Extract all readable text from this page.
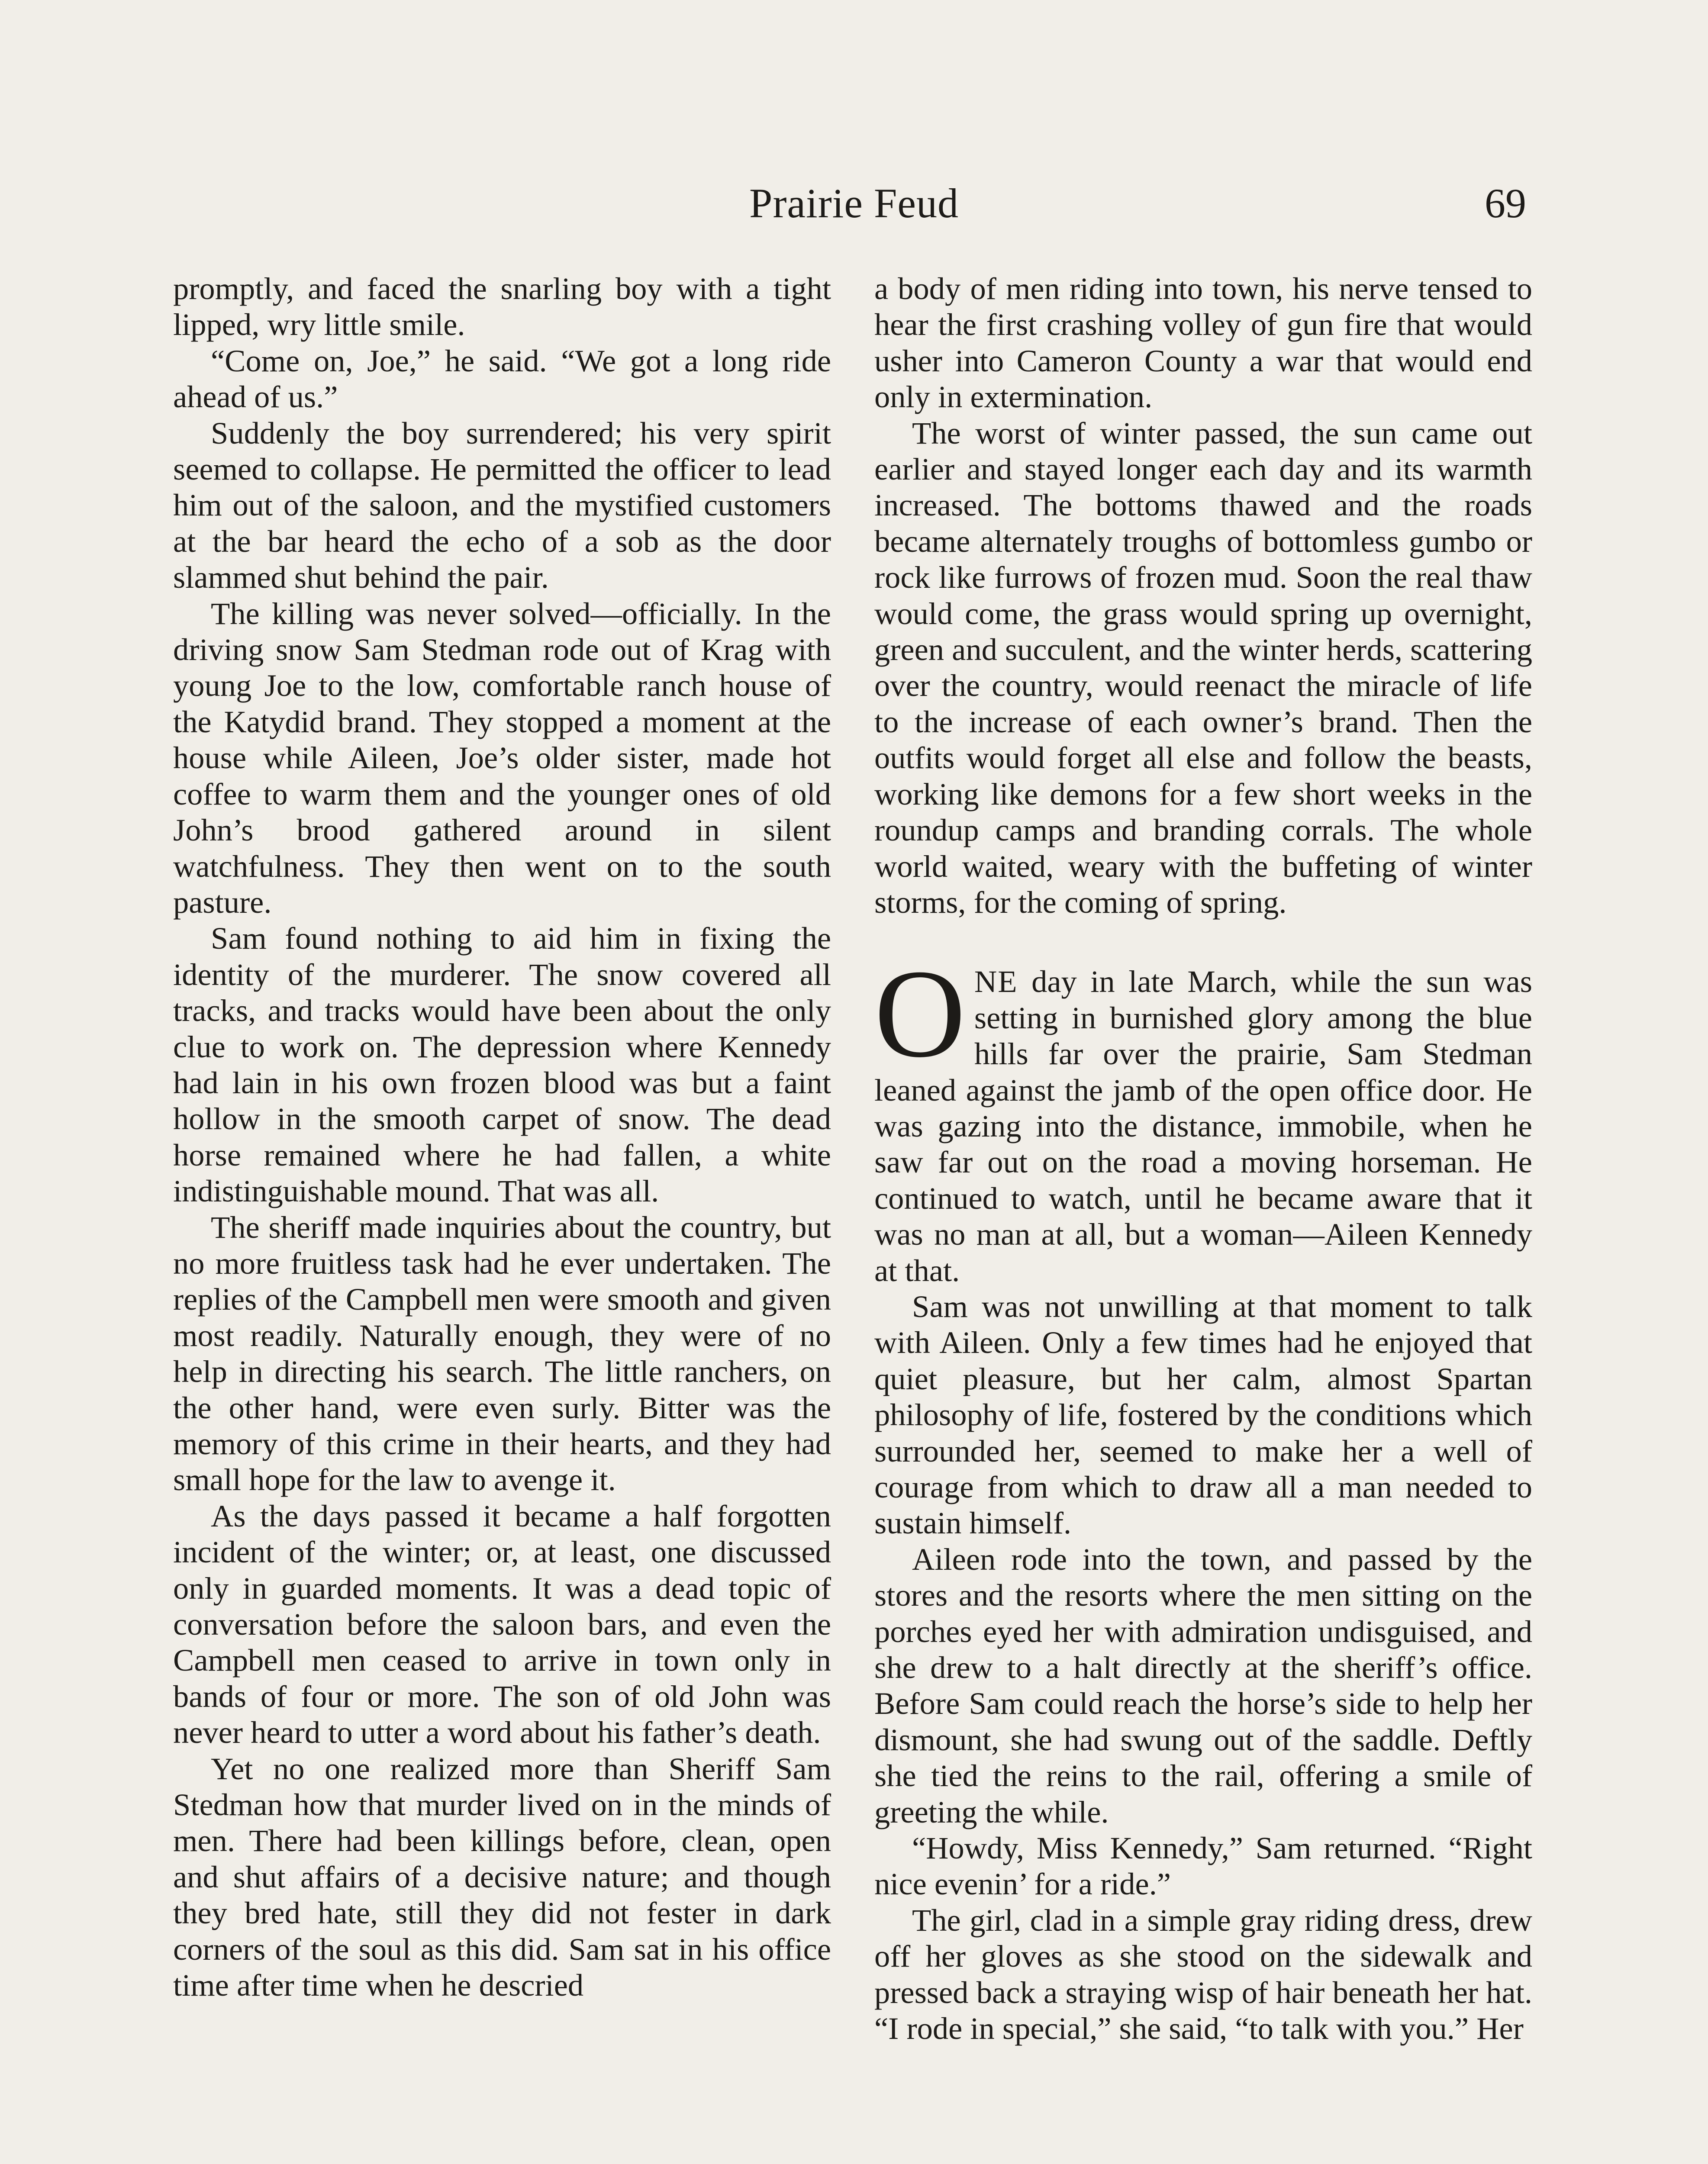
Prairie Feud	69

promptly, and faced the snarling boy with a tight lipped, wry little smile.

“Come on, Joe,” he said. “We got a long ride ahead of us.”

Suddenly the boy surrendered; his very spirit seemed to collapse. He permitted the officer to lead him out of the saloon, and the mystified customers at the bar heard the echo of a sob as the door slammed shut behind the pair.

The killing was never solved—officially. In the driving snow Sam Stedman rode out of Krag with young Joe to the low, comfortable ranch house of the Katydid brand. They stopped a moment at the house while Aileen, Joe’s older sister, made hot coffee to warm them and the younger ones of old John’s brood gathered around in silent watchfulness. They then went on to the south pasture.

Sam found nothing to aid him in fixing the identity of the murderer. The snow covered all tracks, and tracks would have been about the only clue to work on. The depression where Kennedy had lain in his own frozen blood was but a faint hollow in the smooth carpet of snow. The dead horse remained where he had fallen, a white indistinguishable mound. That was all.

The sheriff made inquiries about the country, but no more fruitless task had he ever undertaken. The replies of the Campbell men were smooth and given most readily. Naturally enough, they were of no help in directing his search. The little ranchers, on the other hand, were even surly. Bitter was the memory of this crime in their hearts, and they had small hope for the law to avenge it.

As the days passed it became a half forgotten incident of the winter; or, at least, one discussed only in guarded moments. It was a dead topic of conversation before the saloon bars, and even the Campbell men ceased to arrive in town only in bands of four or more. The son of old John was never heard to utter a word about his father’s death.

Yet no one realized more than Sheriff Sam Stedman how that murder lived on in the minds of men. There had been killings before, clean, open and shut affairs of a decisive nature; and though they bred hate, still they did not fester in dark corners of the soul as this did. Sam sat in his office time after time when he descried

a body of men riding into town, his nerve tensed to hear the first crashing volley of gun fire that would usher into Cameron County a war that would end only in extermination.

The worst of winter passed, the sun came out earlier and stayed longer each day and its warmth increased. The bottoms thawed and the roads became alternately troughs of bottomless gumbo or rock like furrows of frozen mud. Soon the real thaw would come, the grass would spring up overnight, green and succulent, and the winter herds, scattering over the country, would reenact the miracle of life to the increase of each owner’s brand. Then the outfits would forget all else and follow the beasts, working like demons for a few short weeks in the roundup camps and branding corrals. The whole world waited, weary with the buffeting of winter storms, for the coming of spring.

ONE day in late March, while the sun was setting in burnished glory among the blue hills far over the prairie, Sam Stedman leaned against the jamb of the open office door. He was gazing into the distance, immobile, when he saw far out on the road a moving horseman. He continued to watch, until he became aware that it was no man at all, but a woman—Aileen Kennedy at that.

Sam was not unwilling at that moment to talk with Aileen. Only a few times had he enjoyed that quiet pleasure, but her calm, almost Spartan philosophy of life, fostered by the conditions which surrounded her, seemed to make her a well of courage from which to draw all a man needed to sustain himself.

Aileen rode into the town, and passed by the stores and the resorts where the men sitting on the porches eyed her with admiration undisguised, and she drew to a halt directly at the sheriff’s office. Before Sam could reach the horse’s side to help her dismount, she had swung out of the saddle. Deftly she tied the reins to the rail, offering a smile of greeting the while.

“Howdy, Miss Kennedy,” Sam returned. “Right nice evenin’ for a ride.”

The girl, clad in a simple gray riding dress, drew off her gloves as she stood on the sidewalk and pressed back a straying wisp of hair beneath her hat. “I rode in special,” she said, “to talk with you.” Her
